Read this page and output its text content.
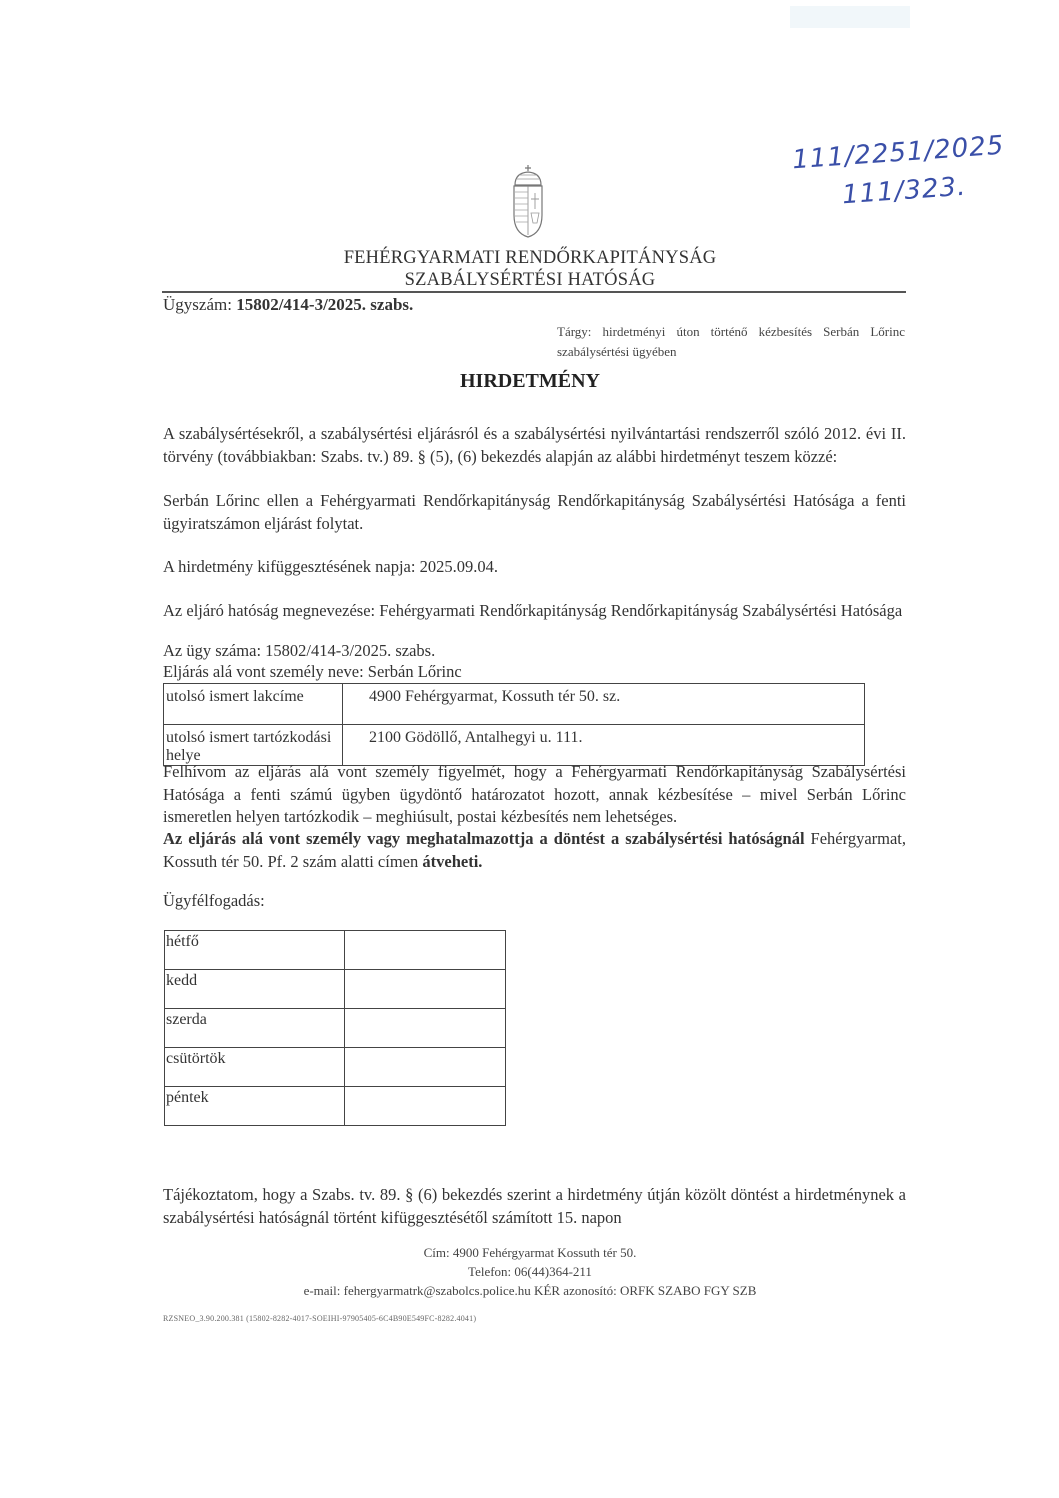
111/2251/2025
111/323.
FEHÉRGYARMATI RENDŐRKAPITÁNYSÁG
SZABÁLYSÉRTÉSI HATÓSÁG
Ügyszám: 15802/414-3/2025. szabs.
Tárgy: hirdetményi úton történő kézbesítés Serbán Lőrinc szabálysértési ügyében
HIRDETMÉNY
A szabálysértésekről, a szabálysértési eljárásról és a szabálysértési nyilvántartási rendszerről szóló 2012. évi II. törvény (továbbiakban: Szabs. tv.) 89. § (5), (6) bekezdés alapján az alábbi hirdetményt teszem közzé:
Serbán Lőrinc ellen a Fehérgyarmati Rendőrkapitányság Rendőrkapitányság Szabálysértési Hatósága a fenti ügyiratszámon eljárást folytat.
A hirdetmény kifüggesztésének napja: 2025.09.04.
Az eljáró hatóság megnevezése: Fehérgyarmati Rendőrkapitányság Rendőrkapitányság Szabálysértési Hatósága
Az ügy száma: 15802/414-3/2025. szabs.
Eljárás alá vont személy neve: Serbán Lőrinc
utolsó ismert lakcíme	4900 Fehérgyarmat, Kossuth tér 50. sz.
utolsó ismert tartózkodási helye	2100 Gödöllő, Antalhegyi u. 111.
Felhívom az eljárás alá vont személy figyelmét, hogy a Fehérgyarmati Rendőrkapitányság Szabálysértési Hatósága a fenti számú ügyben ügydöntő határozatot hozott, annak kézbesítése – mivel Serbán Lőrinc ismeretlen helyen tartózkodik – meghiúsult, postai kézbesítés nem lehetséges.
Az eljárás alá vont személy vagy meghatalmazottja a döntést a szabálysértési hatóságnál Fehérgyarmat, Kossuth tér 50. Pf. 2 szám alatti címen átveheti.
Ügyfélfogadás:
hétfő	
kedd	
szerda	
csütörtök	
péntek	
Tájékoztatom, hogy a Szabs. tv. 89. § (6) bekezdés szerint a hirdetmény útján közölt döntést a hirdetménynek a szabálysértési hatóságnál történt kifüggesztésétől számított 15. napon
Cím: 4900 Fehérgyarmat Kossuth tér 50.
Telefon: 06(44)364-211
e-mail: fehergyarmatrk@szabolcs.police.hu KÉR azonosító: ORFK SZABO FGY SZB
RZSNEO_3.90.200.381 (15802-8282-4017-SOEIHI-97905405-6C4B90E549FC-8282.4041)
